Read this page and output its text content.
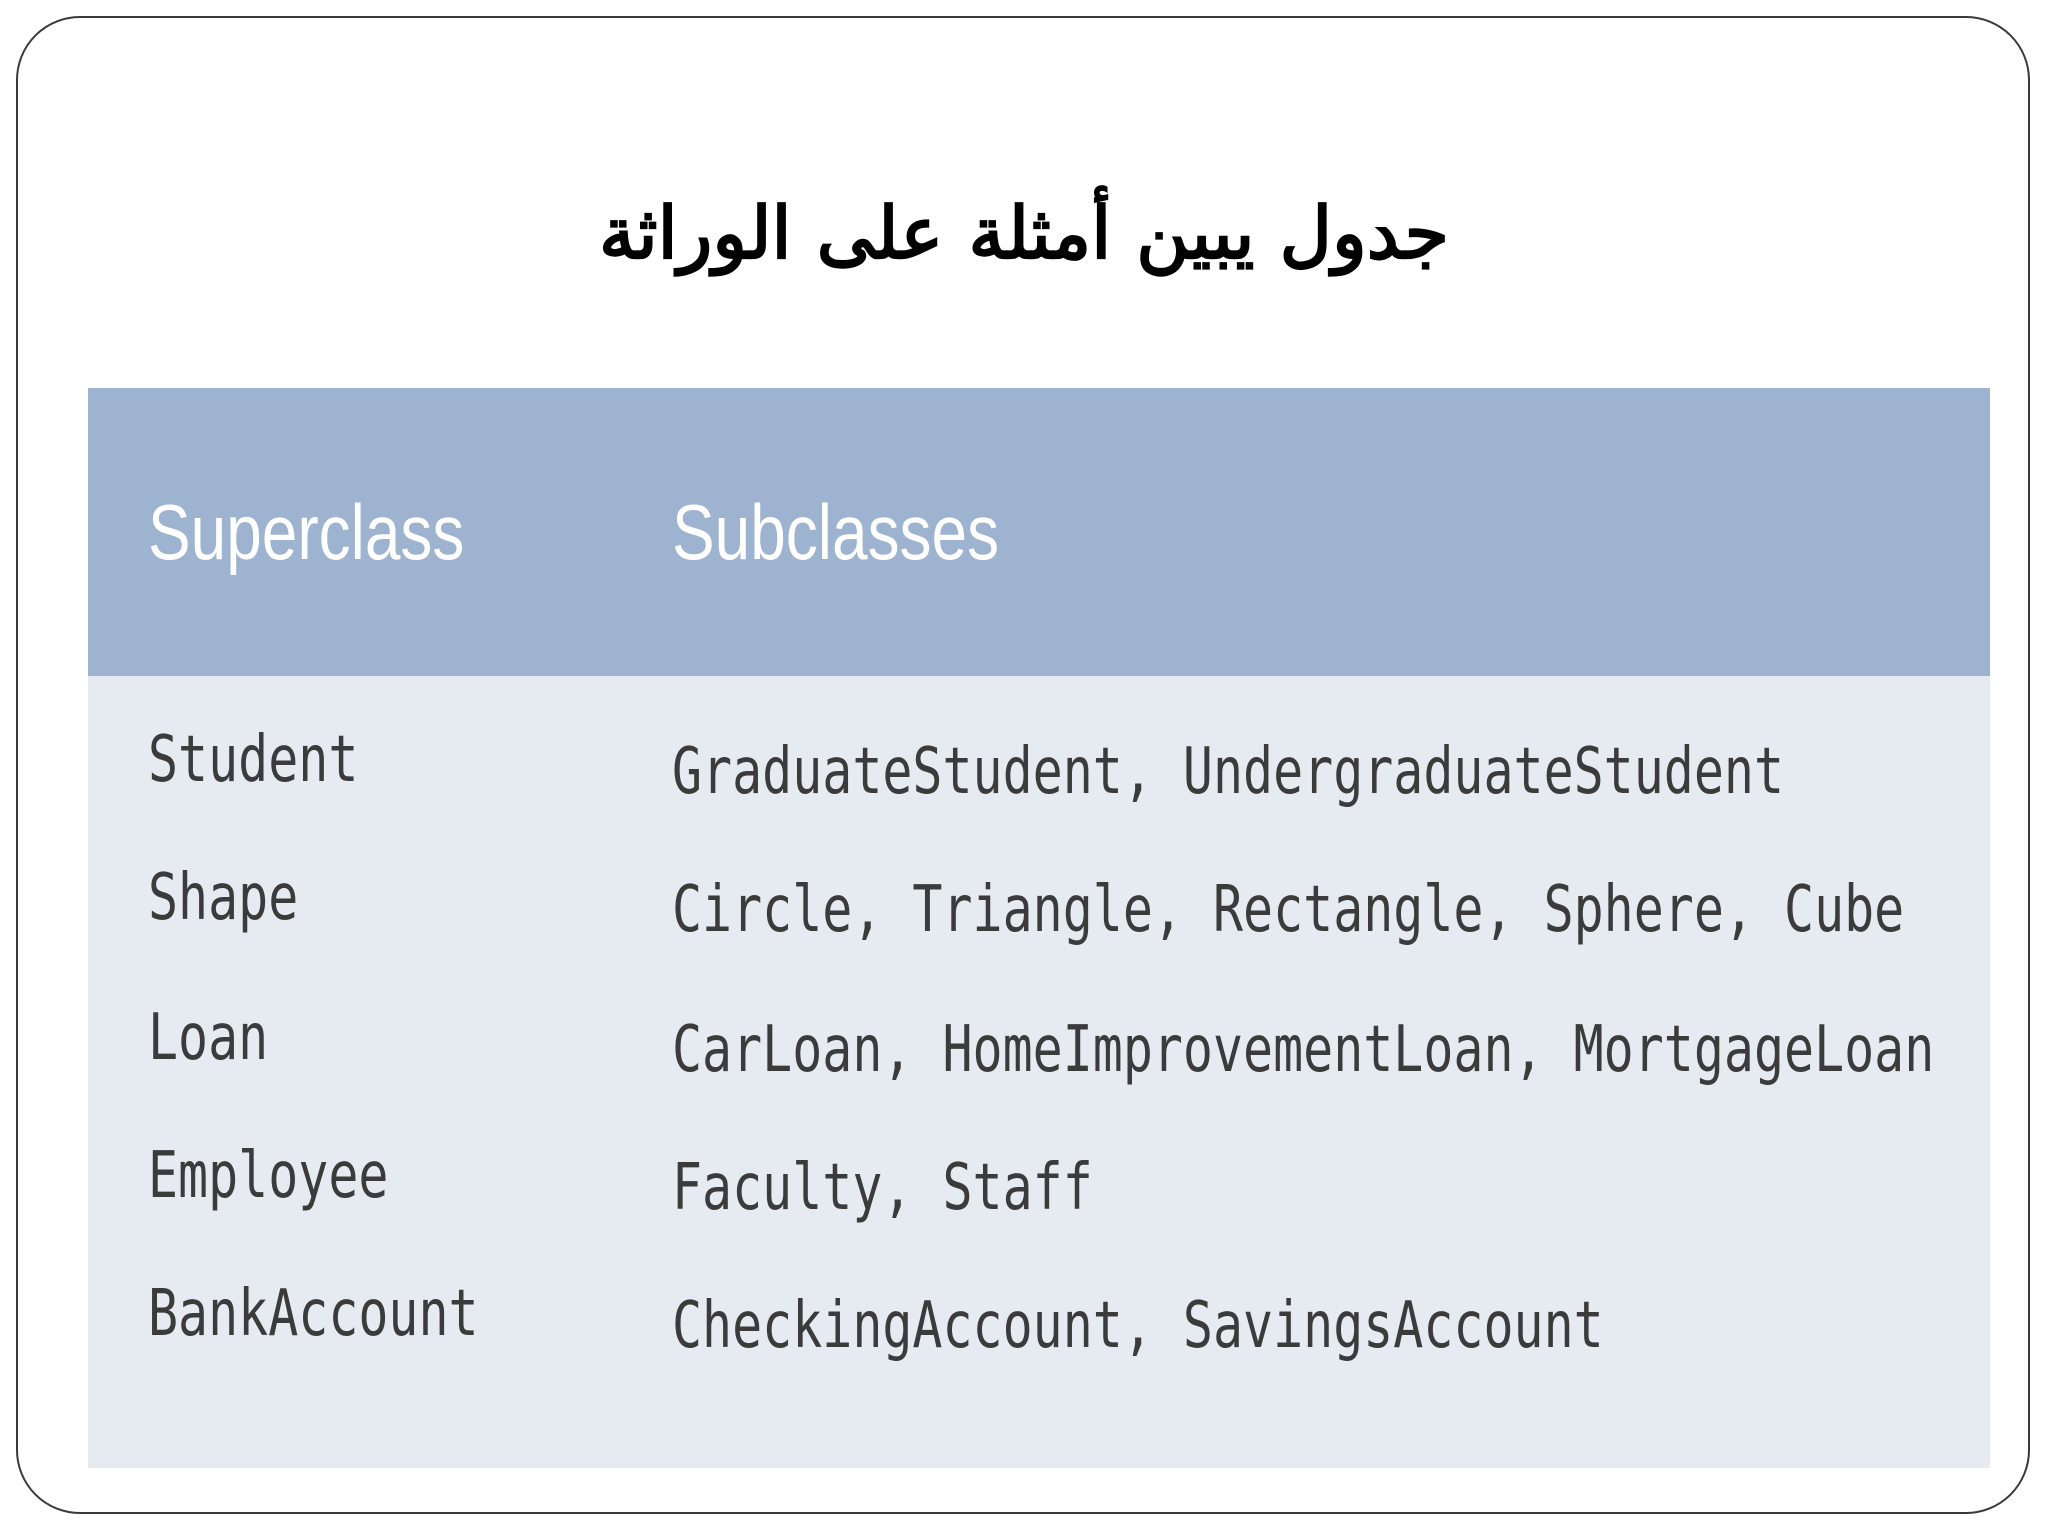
جدول يبين أمثلة على الوراثة
Superclass	Subclasses
Student	GraduateStudent, UndergraduateStudent
Shape	Circle, Triangle, Rectangle, Sphere, Cube
Loan	CarLoan, HomeImprovementLoan, MortgageLoan
Employee	Faculty, Staff
BankAccount	CheckingAccount, SavingsAccount
